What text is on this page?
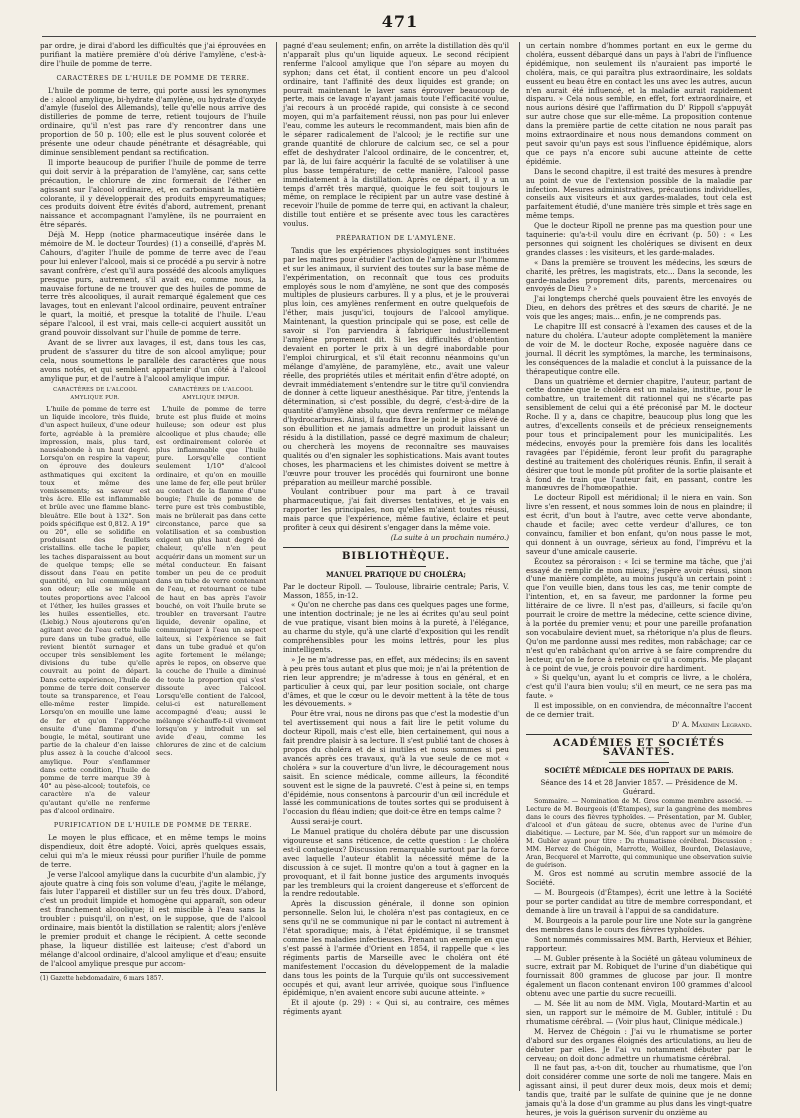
471

par ordre, je dirai d'abord les difficultés que j'ai éprouvées en purifiant la matière première d'où dérive l'amylène, c'est-à-dire l'huile de pomme de terre.

CARACTÈRES DE L'HUILE DE POMME DE TERRE.

L'huile de pomme de terre, qui porte aussi les synonymes de : alcool amylique, bi-hydrate d'amylène, ou hydrate d'oxyde d'amyle (fuselol des Allemands), telle qu'elle nous arrive des distilleries de pomme de terre, retient toujours de l'huile ordinaire, qu'il n'est pas rare d'y rencontrer dans une proportion de 50 p. 100; elle est le plus souvent colorée et présente une odeur chaude pénétrante et désagréable, qui diminue sensiblement pendant sa rectification.

Il importe beaucoup de purifier l'huile de pomme de terre qui doit servir à la préparation de l'amylène, car, sans cette précaution, le chlorure de zinc formerait de l'éther en agissant sur l'alcool ordinaire, et, en carbonisant la matière colorante, il y développerait des produits empyreumatiques; ces produits doivent être évités d'abord, autrement, prenant naissance et accompagnant l'amylène, ils ne pourraient en être séparés.

Déjà M. Hepp (notice pharmaceutique insérée dans le mémoire de M. le docteur Tourdes) (1) a conseillé, d'après M. Cahours, d'agiter l'huile de pomme de terre avec de l'eau pour lui enlever l'alcool, mais si ce procédé a pu servir à notre savant confrère, c'est qu'il aura possédé des alcools amyliques presque purs, autrement, s'il avait eu, comme nous, la mauvaise fortune de ne trouver que des huiles de pomme de terre très alcooliques, il aurait remarqué également que ces lavages, tout en enlevant l'alcool ordinaire, peuvent entraîner le quart, la moitié, et presque la totalité de l'huile. L'eau sépare l'alcool, il est vrai, mais celle-ci acquiert aussitôt un grand pouvoir dissolvant sur l'huile de pomme de terre.

Avant de se livrer aux lavages, il est, dans tous les cas, prudent de s'assurer du titre de son alcool amylique; pour cela, nous soumettons le parallèle des caractères que nous avons notés, et qui semblent appartenir d'un côté à l'alcool amylique pur, et de l'autre à l'alcool amylique impur.

CARACTÈRES DE L'ALCOOL AMYLIQUE PUR.

L'huile de pomme de terre est un liquide incolore, très fluide, d'un aspect huileux, d'une odeur forte, agréable à la première impression, mais, plus tard, nauséabonde à un haut degré. Lorsqu'on en respire la vapeur, on éprouve des douleurs asthmatiques qui excitent la toux et même des vomissements; sa saveur est très âcre. Elle est inflammable et brûle avec une flamme blanc-bleuâtre. Elle bout à 132°. Son poids spécifique est 0,812. A 19° ou 20°, elle se solidifie en produisant des feuillets cristallins. elle tache le papier, les taches disparaissent au bout de quelque temps; elle se dissout dans l'eau en petite quantité, en lui communiquant son odeur; elle se mêle en toutes proportions avec l'alcool et l'éther, les huiles grasses et les huiles essentielles, etc. (Liebig.) Nous ajouterons qu'en agitant avec de l'eau cette huile pure dans un tube gradué, elle revient bientôt surnager et occuper très sensiblement les divisions du tube qu'elle couvrait au point de départ. Dans cette expérience, l'huile de pomme de terre doit conserver toute sa transparence, et l'eau elle-même rester limpide. Lorsqu'on en mouille une lame de fer et qu'on l'approche ensuite d'une flamme d'une bougie, le métal, soutirant une partie de la chaleur d'en laisse plus assez à la couche d'alcool amylique. Pour s'enflammer dans cette condition, l'huile de pomme de terre marque 39 à 40° au pèse-alcool; toutefois, ce caractère n'a de valeur qu'autant qu'elle ne renferme pas d'alcool ordinaire.

CARACTÈRES DE L'ALCOOL AMYLIQUE IMPUR.

L'huile de pomme de terre brute est plus fluide et moins huileuse; son odeur est plus alcoolique et plus chaude; elle est ordinairement colorée et plus inflammable que l'huile pure. Lorsqu'elle contient seulement 1/10° d'alcool ordinaire, et qu'on en mouille une lame de fer, elle peut brûler au contact de la flamme d'une bougie; l'huile de pomme de terre pure est très combustible, mais ne brûlerait pas dans cette circonstance, parce que sa volatilisation et sa combustion exigent un plus haut degré de chaleur, qu'elle n'en peut acquérir dans un moment sur un métal conducteur. En faisant tomber un peu de ce produit dans un tube de verre contenant de l'eau, et retournant ce tube de haut en bas après l'avoir bouché, on voit l'huile brute se troubler en traversant l'autre liquide, devenir opaline, et communiquer à l'eau un aspect laiteux, si l'expérience se fait dans un tube gradué et qu'on agite fortement le mélange; après le repos, on observe que la couche de l'huile a diminué de toute la proportion qui s'est dissoute avec l'alcool. Lorsqu'elle contient de l'alcool, celui-ci est naturellement accompagné d'eau; aussi le mélange s'échauffe-t-il vivement lorsqu'on y introduit un sel avide d'eau, comme les chlorures de zinc et de calcium secs.

PURIFICATION DE L'HUILE DE POMME DE TERRE.

Le moyen le plus efficace, et en même temps le moins dispendieux, doit être adopté. Voici, après quelques essais, celui qui m'a le mieux réussi pour purifier l'huile de pomme de terre.

Je verse l'alcool amylique dans la cucurbite d'un alambic, j'y ajoute quatre à cinq fois son volume d'eau, j'agite le mélange, fais luter l'appareil et distiller sur un feu très doux. D'abord, c'est un produit limpide et homogène qui apparaît, son odeur est franchement alcoolique; il est miscible à l'eau sans la troubler : puisqu'il, on n'est, on le suppose, que de l'alcool ordinaire, mais bientôt la distillation se ralentit; alors j'enlève le premier produit et change le récipient. A cette seconde phase, la liqueur distillée est laiteuse; c'est d'abord un mélange d'alcool ordinaire, d'alcool amylique et d'eau; ensuite de l'alcool amylique presque pur accom-

(1) Gazette hebdomadaire, 6 mars 1857.

pagné d'eau seulement; enfin, on arrête la distillation dès qu'il n'apparaît plus qu'un liquide aqueux. Le second récipient renferme l'alcool amylique que l'on sépare au moyen du syphon; dans cet état, il contient encore un peu d'alcool ordinaire, tant l'affinité des deux liquides est grande; on pourrait maintenant le laver sans éprouver beaucoup de perte, mais ce lavage n'ayant jamais toute l'efficacité voulue, j'ai recours à un procédé rapide, qui consiste à ce second moyen, qui m'a parfaitement réussi, non pas pour lui enlever l'eau, comme les auteurs le recommandent, mais bien afin de le séparer radicalement de l'alcool; je le rectifie sur une grande quantité de chlorure de calcium sec, ce sel a pour effet de deshydrater l'alcool ordinaire, de le concentrer, et, par là, de lui faire acquérir la faculté de se volatiliser à une plus basse température; de cette manière, l'alcool passe immédiatement à la distillation. Après ce départ, il y a un temps d'arrêt très marqué, quoique le feu soit toujours le même, on remplace le récipient par un autre vase destiné à recevoir l'huile de pomme de terre qui, en activant la chaleur, distille tout entière et se présente avec tous les caractères voulus.

PRÉPARATION DE L'AMYLÈNE.

Tandis que les expériences physiologiques sont instituées par les maîtres pour étudier l'action de l'amylène sur l'homme et sur les animaux, il survient des toutes sur la base même de l'expérimentation, on reconnaît que tous ces produits employés sous le nom d'amylène, ne sont que des composés multiples de plusieurs carbures. Il y a plus, et je le prouverai plus loin, ces amylènes renferment en outre quelquefois de l'éther, mais jusqu'ici, toujours de l'alcool amylique. Maintenant, la question principale qui se pose, est celle de savoir si l'on parviendra à fabriquer industriellement l'amylène proprement dit. Si les difficultés d'obtention devaient en porter le prix à un degré inabordable pour l'emploi chirurgical, et s'il était reconnu néanmoins qu'un mélange d'amylène, de paramylène, etc., avait une valeur réelle, des propriétés utiles et méritait enfin d'être adopté, on devrait immédiatement s'entendre sur le titre qu'il conviendra de donner à cette liqueur anesthésique. Par titre, j'entends la détermination, si c'est possible, du degré, c'est-à-dire de la quantité d'amylène absolu, que devra renfermer ce mélange d'hydrocarbures. Ainsi, il faudra fixer le point le plus élevé de son ébullition et ne jamais admettre un produit laissant un résidu à la distillation, passé ce degré maximum de chaleur; ou chercherà les moyens de reconnaître ses mauvaises qualités ou d'en signaler les sophistications. Mais avant toutes choses, les pharmaciens et les chimistes doivent se mettre à l'œuvre pour trouver les procédés qui fourniront une bonne préparation au meilleur marché possible.

Voulant contribuer pour ma part à ce travail pharmaceutique, j'ai fait diverses tentatives, et je vais en rapporter les principales, non qu'elles m'aient toutes réussi, mais parce que l'expérience, même fautive, éclaire et peut profiter à ceux qui désirent s'engager dans la même voie.

(La suite à un prochain numéro.)

BIBLIOTHÈQUE.
MANUEL PRATIQUE DU CHOLÉRA;

Par le docteur Ripoll. — Toulouse, librairie centrale; Paris, V. Masson, 1855, in-12.

« Qu'on ne cherche pas dans ces quelques pages une forme, une intention doctrinale; je ne les ai écrites qu'au seul point de vue pratique, visant bien moins à la pureté, à l'élégance, au charme du style, qu'à une clarté d'exposition qui les rendît compréhensibles pour les moins lettrés, pour les plus inintelligents.

» Je ne m'adresse pas, en effet, aux médecins; ils en savent à peu près tous autant et plus que moi; je n'ai la prétention de rien leur apprendre; je m'adresse à tous en général, et en particulier à ceux qui, par leur position sociale, ont charge d'âmes, et que le cœur ou le devoir mettent à la tête de tous les dévouements. »

Pour être vrai, nous ne dirons pas que c'est la modestie d'un tel avertissement qui nous a fait lire le petit volume du docteur Ripoll, mais c'est elle, bien certainement, qui nous a fait prendre plaisir à sa lecture. Il s'est publié tant de choses à propos du choléra et de si inutiles et nous sommes si peu avancés après ces travaux, qu'à la vue seule de ce mot « choléra » sur la couverture d'un livre, le découragement nous saisit. En science médicale, comme ailleurs, la fécondité souvent est le signe de la pauvreté. C'est à peine si, en temps d'épidémie, nous consentons à parcourir d'un œil incrédule et lassé les communications de toutes sortes qui se produisent à l'occasion du fléau indien; que doit-ce être en temps calme ?

Aussi serai-je court.

Le Manuel pratique du choléra débute par une discussion vigoureuse et sans réticence, de cette question : Le choléra est-il contagieux? Discussion remarquable surtout par la force avec laquelle l'auteur établit la nécessité même de la discussion à ce sujet. Il montre qu'on a tout à gagner en la provoquant, et il fait bonne justice des arguments invoqués par les trembleurs qui la croient dangereuse et s'efforcent de la rendre redoutable.

Après la discussion générale, il donne son opinion personnelle. Selon lui, le choléra n'est pas contagieux, en ce sens qu'il ne se communique ni par le contact ni autrement à l'état sporadique; mais, à l'état épidémique, il se transmet comme les maladies infectieuses. Prenant un exemple en que s'est passé à l'armée d'Orient en 1854, il rappelle que « les régiments partis de Marseille avec le choléra ont été manifestement l'occasion du développement de la maladie dans tous les points de la Turquie qu'ils ont successivement occupés et qui, avant leur arrivée, quoique sous l'influence épidémique, n'en avaient encore subi aucune atteinte. »

Et il ajoute (p. 29) : « Qui si, au contraire, ces mêmes régiments ayant

un certain nombre d'hommes portant en eux le germe du choléra, eussent débarqué dans un pays à l'abri de l'influence épidémique, non seulement ils n'auraient pas importé le choléra, mais, ce qui paraîtra plus extraordinaire, les soldats eussent eu beau être en contact les uns avec les autres, aucun n'en aurait été influencé, et la maladie aurait rapidement disparu. » Cela nous semble, en effet, fort extraordinaire, et nous aurions désiré que l'affirmation du D' Rippoll s'appuyât sur autre chose que sur elle-même. La proposition contenue dans la première partie de cette citation ne nous paraît pas moins extraordinaire et nous nous demandons comment on peut savoir qu'un pays est sous l'influence épidémique, alors que ce pays n'a encore subi aucune atteinte de cette épidémie.

Dans le second chapitre, il est traité des mesures à prendre au point de vue de l'extension possible de la maladie par infection. Mesures administratives, précautions individuelles, conseils aux visiteurs et aux gardes-malades, tout cela est parfaitement étudié, d'une manière très simple et très sage en même temps.

Que le docteur Ripoll ne prenne pas ma question pour une taquinerie: qu'a-t-il voulu dire en écrivant (p. 50) : « Les personnes qui soignent les cholériques se divisent en deux grandes classes : les visiteurs, et les garde-malades.

« Dans la première se trouvent les médecins, les sœurs de charité, les prêtres, les magistrats, etc... Dans la seconde, les garde-malades proprement dits, parents, mercenaires ou envoyés de Dieu ? »

J'ai longtemps cherché quels pouvaient être les envoyés de Dieu, en dehors des prêtres et des sœurs de charité. Je ne vois que les anges; mais... enfin, je ne comprends pas.

Le chapitre III est consacré à l'examen des causes et de la nature du choléra. L'auteur adopte complètement la manière de voir de M. le docteur Roche, exposée naguère dans ce journal. Il décrit les symptômes, la marche, les terminaisons, les conséquences de la maladie et conclut à la puissance de la thérapeutique contre elle.

Dans un quatrième et dernier chapitre, l'auteur, partant de cette donnée que le choléra est un malaise, institue, pour le combattre, un traitement dit rationnel qui ne s'écarte pas sensiblement de celui qui a été préconisé par M. le docteur Roche. Il y a, dans ce chapitre, beaucoup plus long que les autres, d'excellents conseils et de précieux renseignements pour tous et principalement pour les municipalités. Les médecins, envoyés pour la première fois dans les localités ravagées par l'épidémie, feront leur profit du paragraphe destiné au traitement des cholériques réunis. Enfin, il serait à désirer que tout le monde pût profiter de la sortie plaisante et à fond de train que l'auteur fait, en passant, contre les manœuvres de l'homœopathie.

Le docteur Ripoll est méridional; il le niera en vain. Son livre s'en ressent, et nous sommes loin de nous en plaindre; il est écrit, d'un bout à l'autre, avec cette verve abondante, chaude et facile; avec cette verdeur d'allures, ce ton convaincu, familier et bon enfant, qu'on nous passe le mot, qui donnent à un ouvrage, sérieux au fond, l'imprévu et la saveur d'une amicale causerie.

Écoutez sa péroraison : « Ici se termine ma tâche, que j'ai essayé de remplir de mon mieux; j'espère avoir réussi, sinon d'une manière complète, au moins jusqu'à un certain point : que l'on veuille bien, dans tous les cas, me tenir compte de l'intention, et, en sa faveur, me pardonner la forme peu littéraire de ce livre. Il n'est pas, d'ailleurs, si facile qu'on pourrait le croire de mettre la médecine, cette science divine, à la portée du premier venu; et pour une pareille profanation son vocabulaire devient muet, sa rhétorique n'a plus de fleurs. Qu'on me pardonne aussi mes redites, mon rabâchage; car ce n'est qu'en rabâchant qu'on arrive à se faire comprendre du lecteur, qu'on le force à retenir ce qu'il a compris. Me plaçant à ce point de vue, je crois pouvoir dire hardiment.

» Si quelqu'un, ayant lu et compris ce livre, a le choléra, c'est qu'il l'aura bien voulu; s'il en meurt, ce ne sera pas ma faute. »

Il est impossible, on en conviendra, de méconnaître l'accent de ce dernier trait.

D' A. Maximin Legrand.

ACADÉMIES ET SOCIÉTÉS SAVANTES.
SOCIÉTÉ MÉDICALE DES HOPITAUX DE PARIS.

Séance des 14 et 28 Janvier 1857. — Présidence de M. Guérard.

Sommaire. — Nomination de M. Gros comme membre associé. — Lecture de M. Bourgeois (d'Étampes), sur la gangrène des membres dans le cours des fièvres typhoïdes. — Présentation, par M. Gubler, d'alcool et d'un gâteau de sucre, obtenus avec de l'urine d'un diabétique. — Lecture, par M. Sée, d'un rapport sur un mémoire de M. Gubler ayant pour titre : Du rhumatisme cérébral. Discussion : MM. Hervez de Chégoin, Marrotte, Woillez, Bourdon, Delasiauve, Aran, Becquerel et Marrotte, qui communique une observation suivie de guérison.

M. Gros est nommé au scrutin membre associé de la Société.

— M. Bourgeois (d'Étampes), écrit une lettre à la Société pour se porter candidat au titre de membre correspondant, et demande à lire un travail à l'appui de sa candidature.

M. Bourgeois a la parole pour lire une Note sur la gangrène des membres dans le cours des fièvres typhoïdes.

Sont nommés commissaires MM. Barth, Hervieux et Béhier, rapporteur.

— M. Gubler présente à la Société un gâteau volumineux de sucre, extrait par M. Robiquet de l'urine d'un diabétique qui fournissait 800 grammes de glucose par jour. Il montre également un flacon contenant environ 100 grammes d'alcool obtenu avec une partie du sucre recueilli.

— M. Sée lit au nom de MM. Vigla, Moutard-Martin et au sien, un rapport sur le mémoire de M. Gubler, intitulé : Du rhumatisme cérébral. — (Voir plus haut, Clinique médicale.)

M. Hervez de Chégoin : J'ai vu le rhumatisme se porter d'abord sur des organes éloignés des articulations, au lieu de débuter par elles. Je l'ai vu notamment débuter par le cerveau; on doit donc admettre un rhumatisme cérébral.

Il ne faut pas, a-t-on dit, toucher au rhumatisme, que l'on doit considérer comme une sorte de noli me tangere. Mais en agissant ainsi, il peut durer deux mois, deux mois et demi; tandis que, traité par le sulfate de quinine que je ne donne jamais qu'à la dose d'un gramme au plus dans les vingt-quatre heures, je vois la guérison survenir du onzième au
